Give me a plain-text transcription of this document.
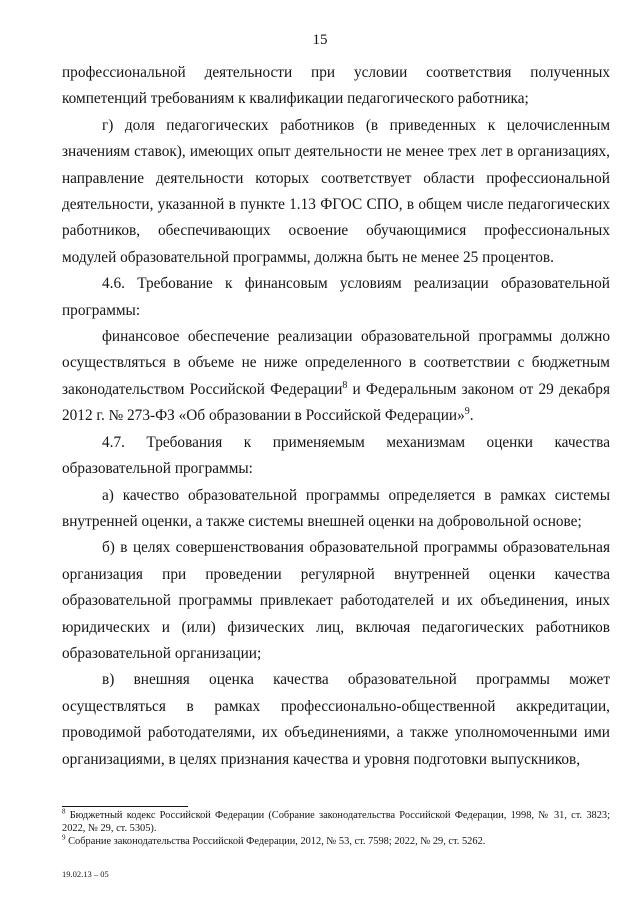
15

профессиональной деятельности при условии соответствия полученных компетенций требованиям к квалификации педагогического работника;

г) доля педагогических работников (в приведенных к целочисленным значениям ставок), имеющих опыт деятельности не менее трех лет в организациях, направление деятельности которых соответствует области профессиональной деятельности, указанной в пункте 1.13 ФГОС СПО, в общем числе педагогических работников, обеспечивающих освоение обучающимися профессиональных модулей образовательной программы, должна быть не менее 25 процентов.

4.6. Требование к финансовым условиям реализации образовательной программы:

финансовое обеспечение реализации образовательной программы должно осуществляться в объеме не ниже определенного в соответствии с бюджетным законодательством Российской Федерации$^8$ и Федеральным законом от 29 декабря 2012 г. № 273-ФЗ «Об образовании в Российской Федерации»$^9$.

4.7. Требования к применяемым механизмам оценки качества образовательной программы:

а) качество образовательной программы определяется в рамках системы внутренней оценки, а также системы внешней оценки на добровольной основе;

б) в целях совершенствования образовательной программы образовательная организация при проведении регулярной внутренней оценки качества образовательной программы привлекает работодателей и их объединения, иных юридических и (или) физических лиц, включая педагогических работников образовательной организации;

в) внешняя оценка качества образовательной программы может осуществляться в рамках профессионально-общественной аккредитации, проводимой работодателями, их объединениями, а также уполномоченными ими организациями, в целях признания качества и уровня подготовки выпускников,

$^8$ Бюджетный кодекс Российской Федерации (Собрание законодательства Российской Федерации, 1998, № 31, ст. 3823; 2022, № 29, ст. 5305).

$^9$ Собрание законодательства Российской Федерации, 2012, № 53, ст. 7598; 2022, № 29, ст. 5262.

19.02.13 – 05
